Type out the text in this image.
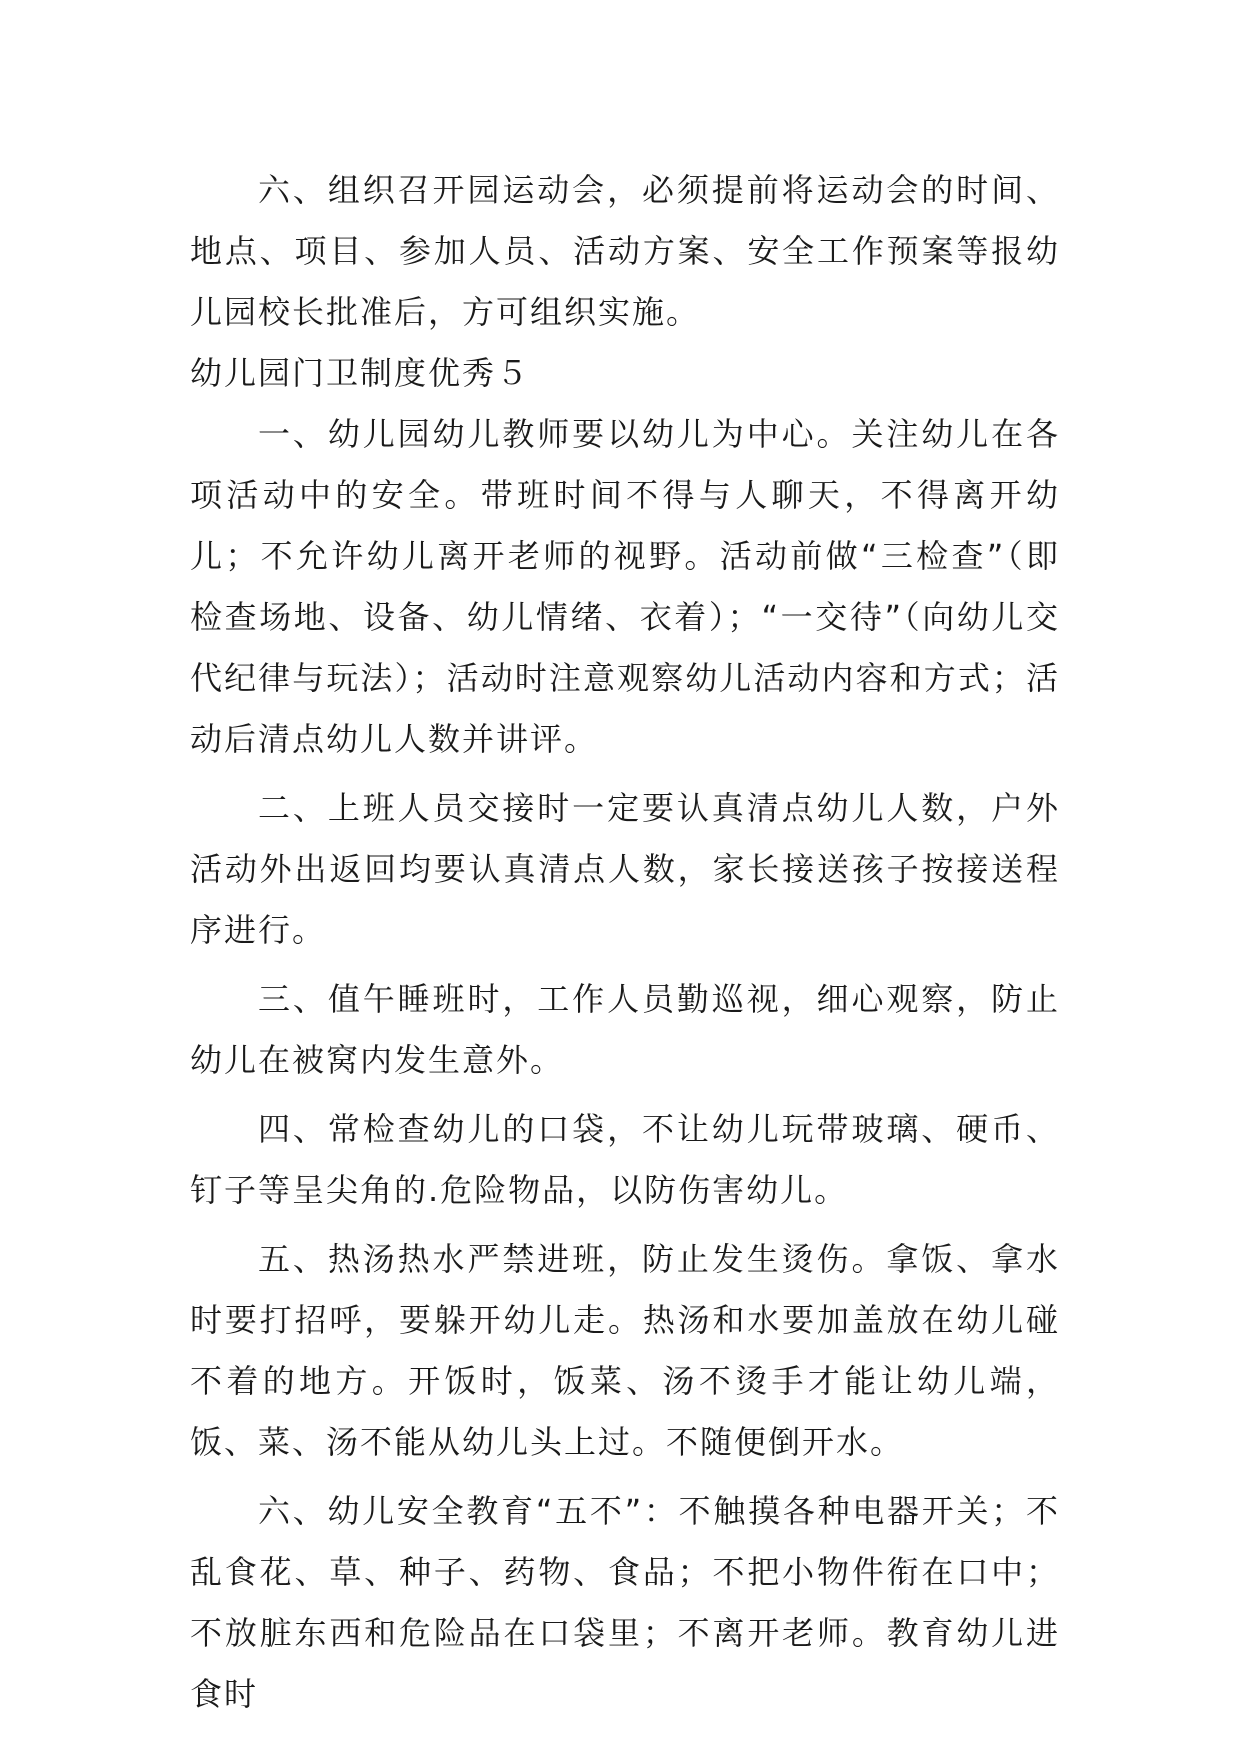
六、组织召开园运动会，必须提前将运动会的时间、地点、项目、参加人员、活动方案、安全工作预案等报幼儿园校长批准后，方可组织实施。

幼儿园门卫制度优秀５

一、幼儿园幼儿教师要以幼儿为中心。关注幼儿在各项活动中的安全。带班时间不得与人聊天，不得离开幼儿；不允许幼儿离开老师的视野。活动前做“三检查”（即检查场地、设备、幼儿情绪、衣着）；“一交待”（向幼儿交代纪律与玩法）；活动时注意观察幼儿活动内容和方式；活动后清点幼儿人数并讲评。

二、上班人员交接时一定要认真清点幼儿人数，户外活动外出返回均要认真清点人数，家长接送孩子按接送程序进行。

三、值午睡班时，工作人员勤巡视，细心观察，防止幼儿在被窝内发生意外。

四、常检查幼儿的口袋，不让幼儿玩带玻璃、硬币、钉子等呈尖角的.危险物品，以防伤害幼儿。

五、热汤热水严禁进班，防止发生烫伤。拿饭、拿水时要打招呼，要躲开幼儿走。热汤和水要加盖放在幼儿碰不着的地方。开饭时，饭菜、汤不烫手才能让幼儿端，饭、菜、汤不能从幼儿头上过。不随便倒开水。

六、幼儿安全教育“五不”：不触摸各种电器开关；不乱食花、草、种子、药物、食品；不把小物件衔在口中；不放脏东西和危险品在口袋里；不离开老师。教育幼儿进食时
